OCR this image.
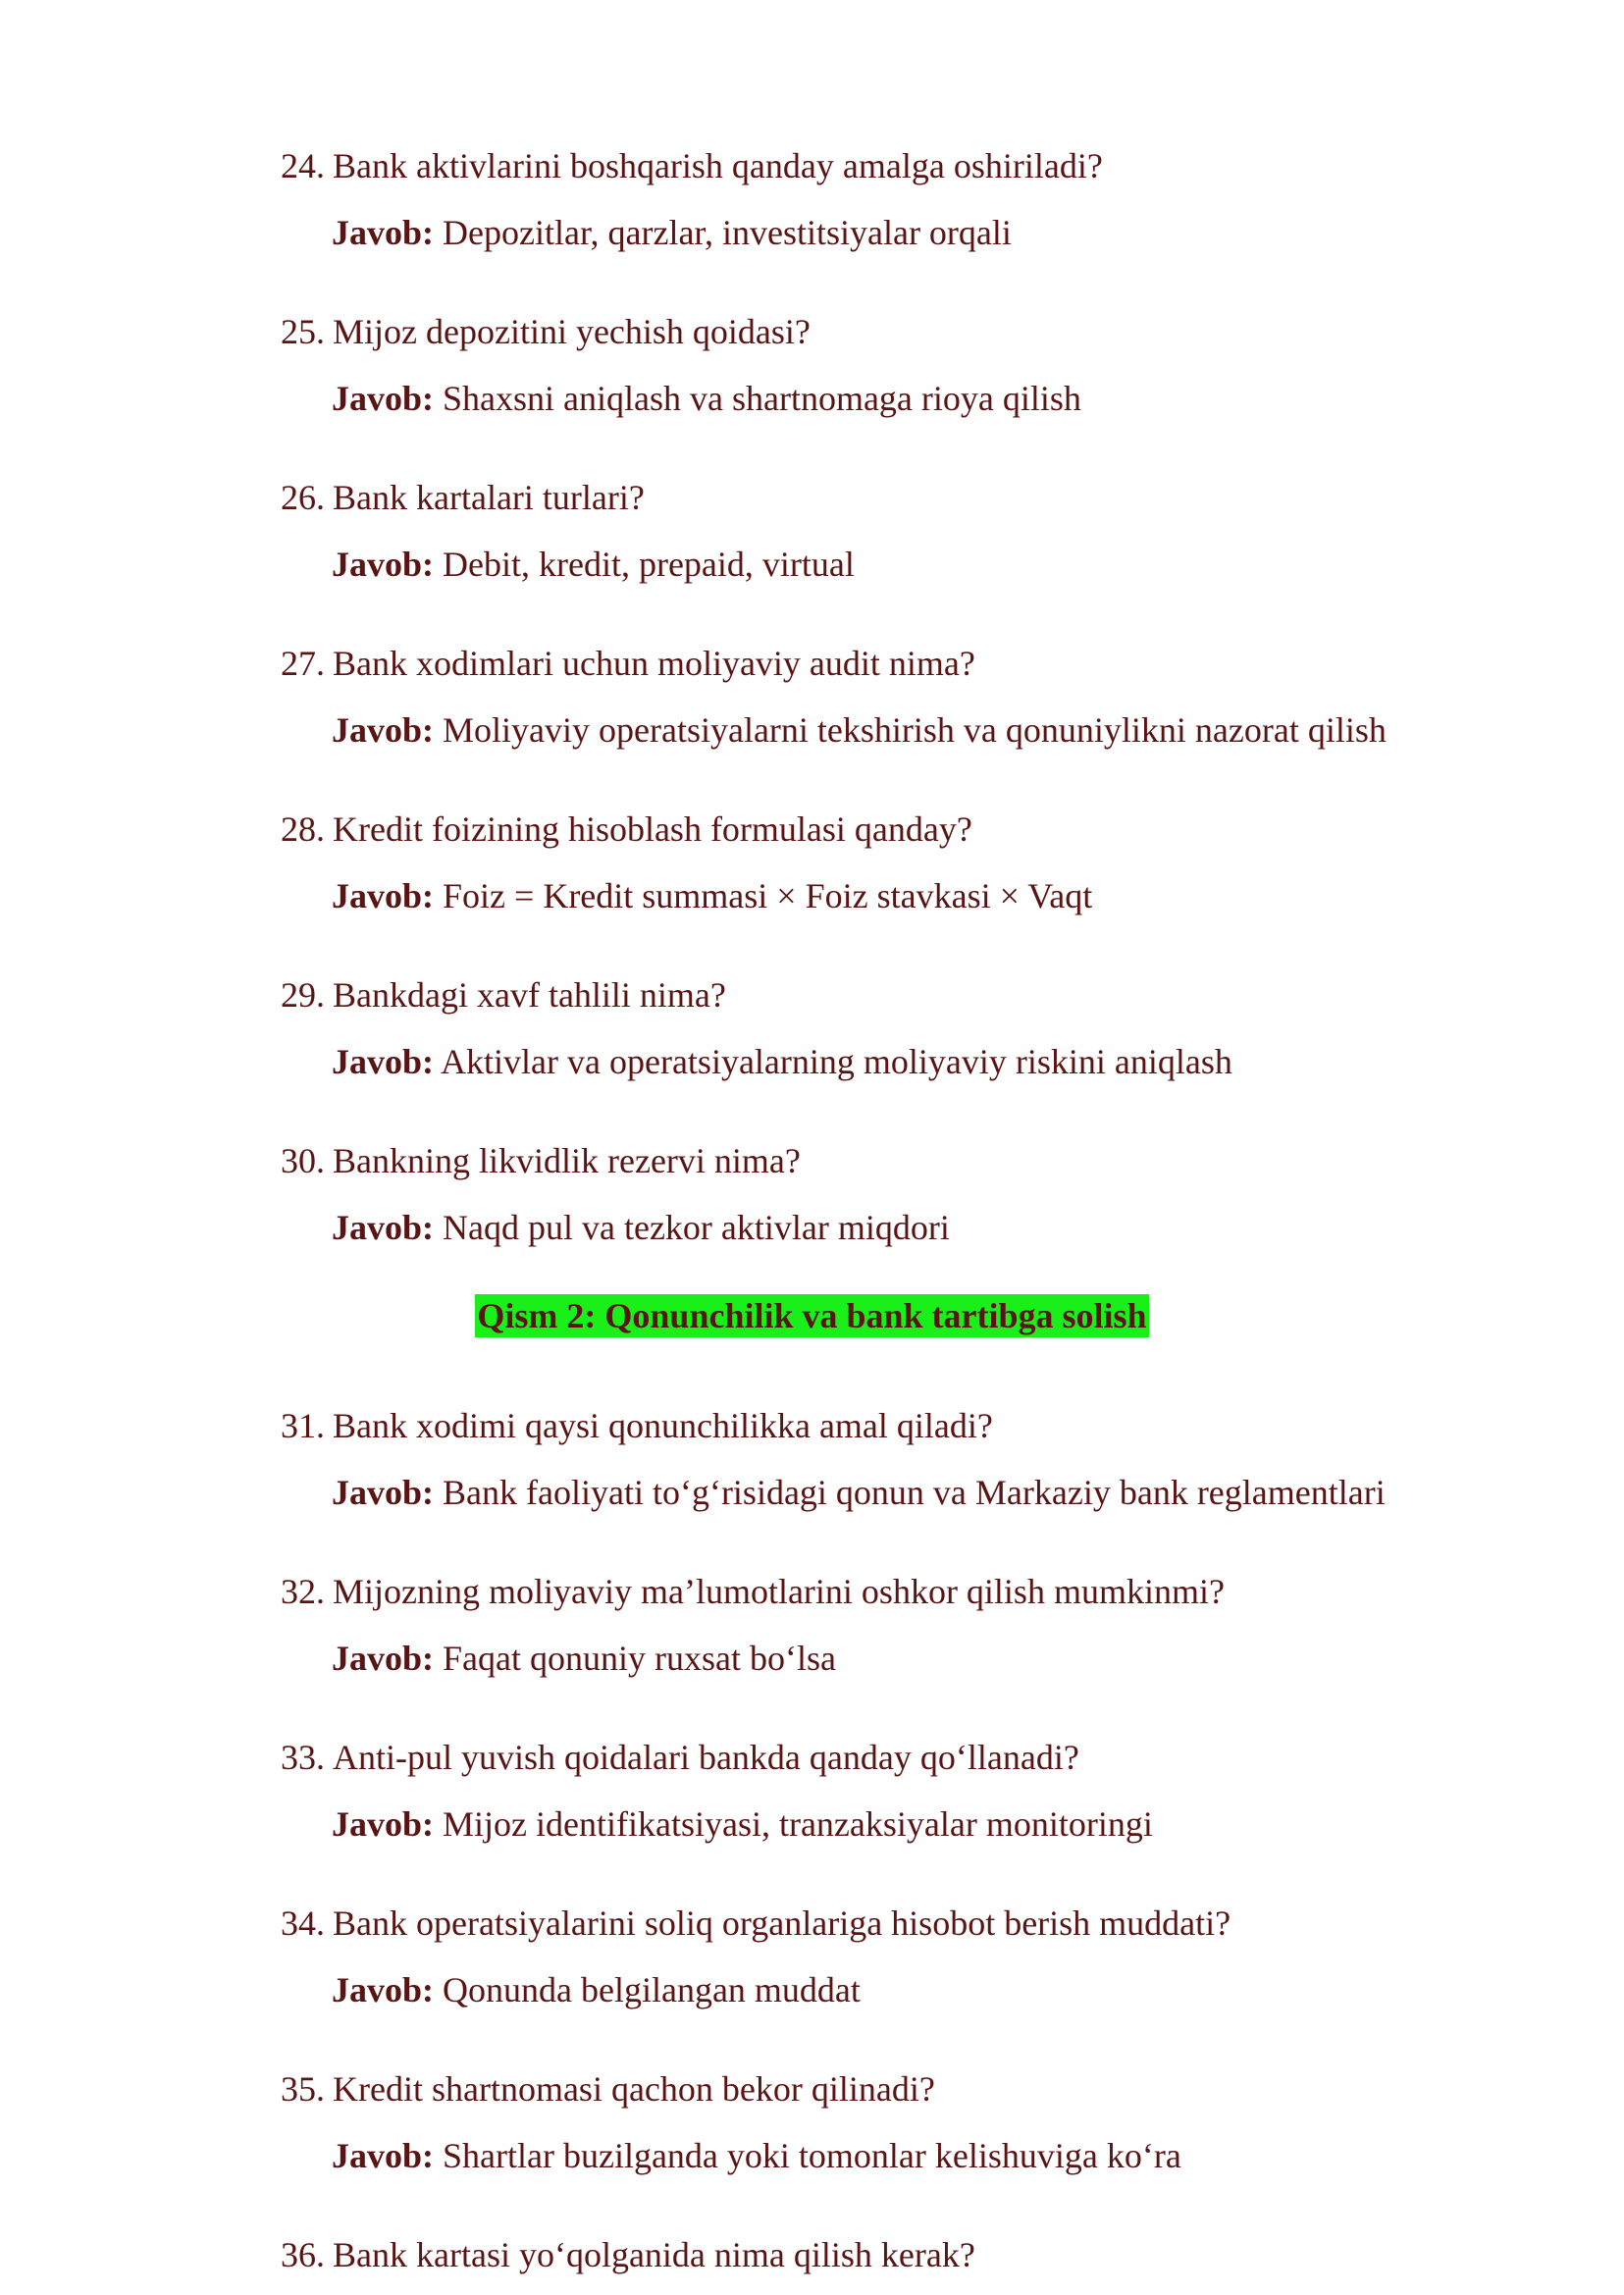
24. Bank aktivlarini boshqarish qanday amalga oshiriladi?
Javob: Depozitlar, qarzlar, investitsiyalar orqali
25. Mijoz depozitini yechish qoidasi?
Javob: Shaxsni aniqlash va shartnomaga rioya qilish
26. Bank kartalari turlari?
Javob: Debit, kredit, prepaid, virtual
27. Bank xodimlari uchun moliyaviy audit nima?
Javob: Moliyaviy operatsiyalarni tekshirish va qonuniylikni nazorat qilish
28. Kredit foizining hisoblash formulasi qanday?
Javob: Foiz = Kredit summasi × Foiz stavkasi × Vaqt
29. Bankdagi xavf tahlili nima?
Javob: Aktivlar va operatsiyalarning moliyaviy riskini aniqlash
30. Bankning likvidlik rezervi nima?
Javob: Naqd pul va tezkor aktivlar miqdori
Qism 2: Qonunchilik va bank tartibga solish
31. Bank xodimi qaysi qonunchilikka amal qiladi?
Javob: Bank faoliyati to‘g‘risidagi qonun va Markaziy bank reglamentlari
32. Mijozning moliyaviy ma’lumotlarini oshkor qilish mumkinmi?
Javob: Faqat qonuniy ruxsat bo‘lsa
33. Anti-pul yuvish qoidalari bankda qanday qo‘llanadi?
Javob: Mijoz identifikatsiyasi, tranzaksiyalar monitoringi
34. Bank operatsiyalarini soliq organlariga hisobot berish muddati?
Javob: Qonunda belgilangan muddat
35. Kredit shartnomasi qachon bekor qilinadi?
Javob: Shartlar buzilganda yoki tomonlar kelishuviga ko‘ra
36. Bank kartasi yo‘qolganida nima qilish kerak?
